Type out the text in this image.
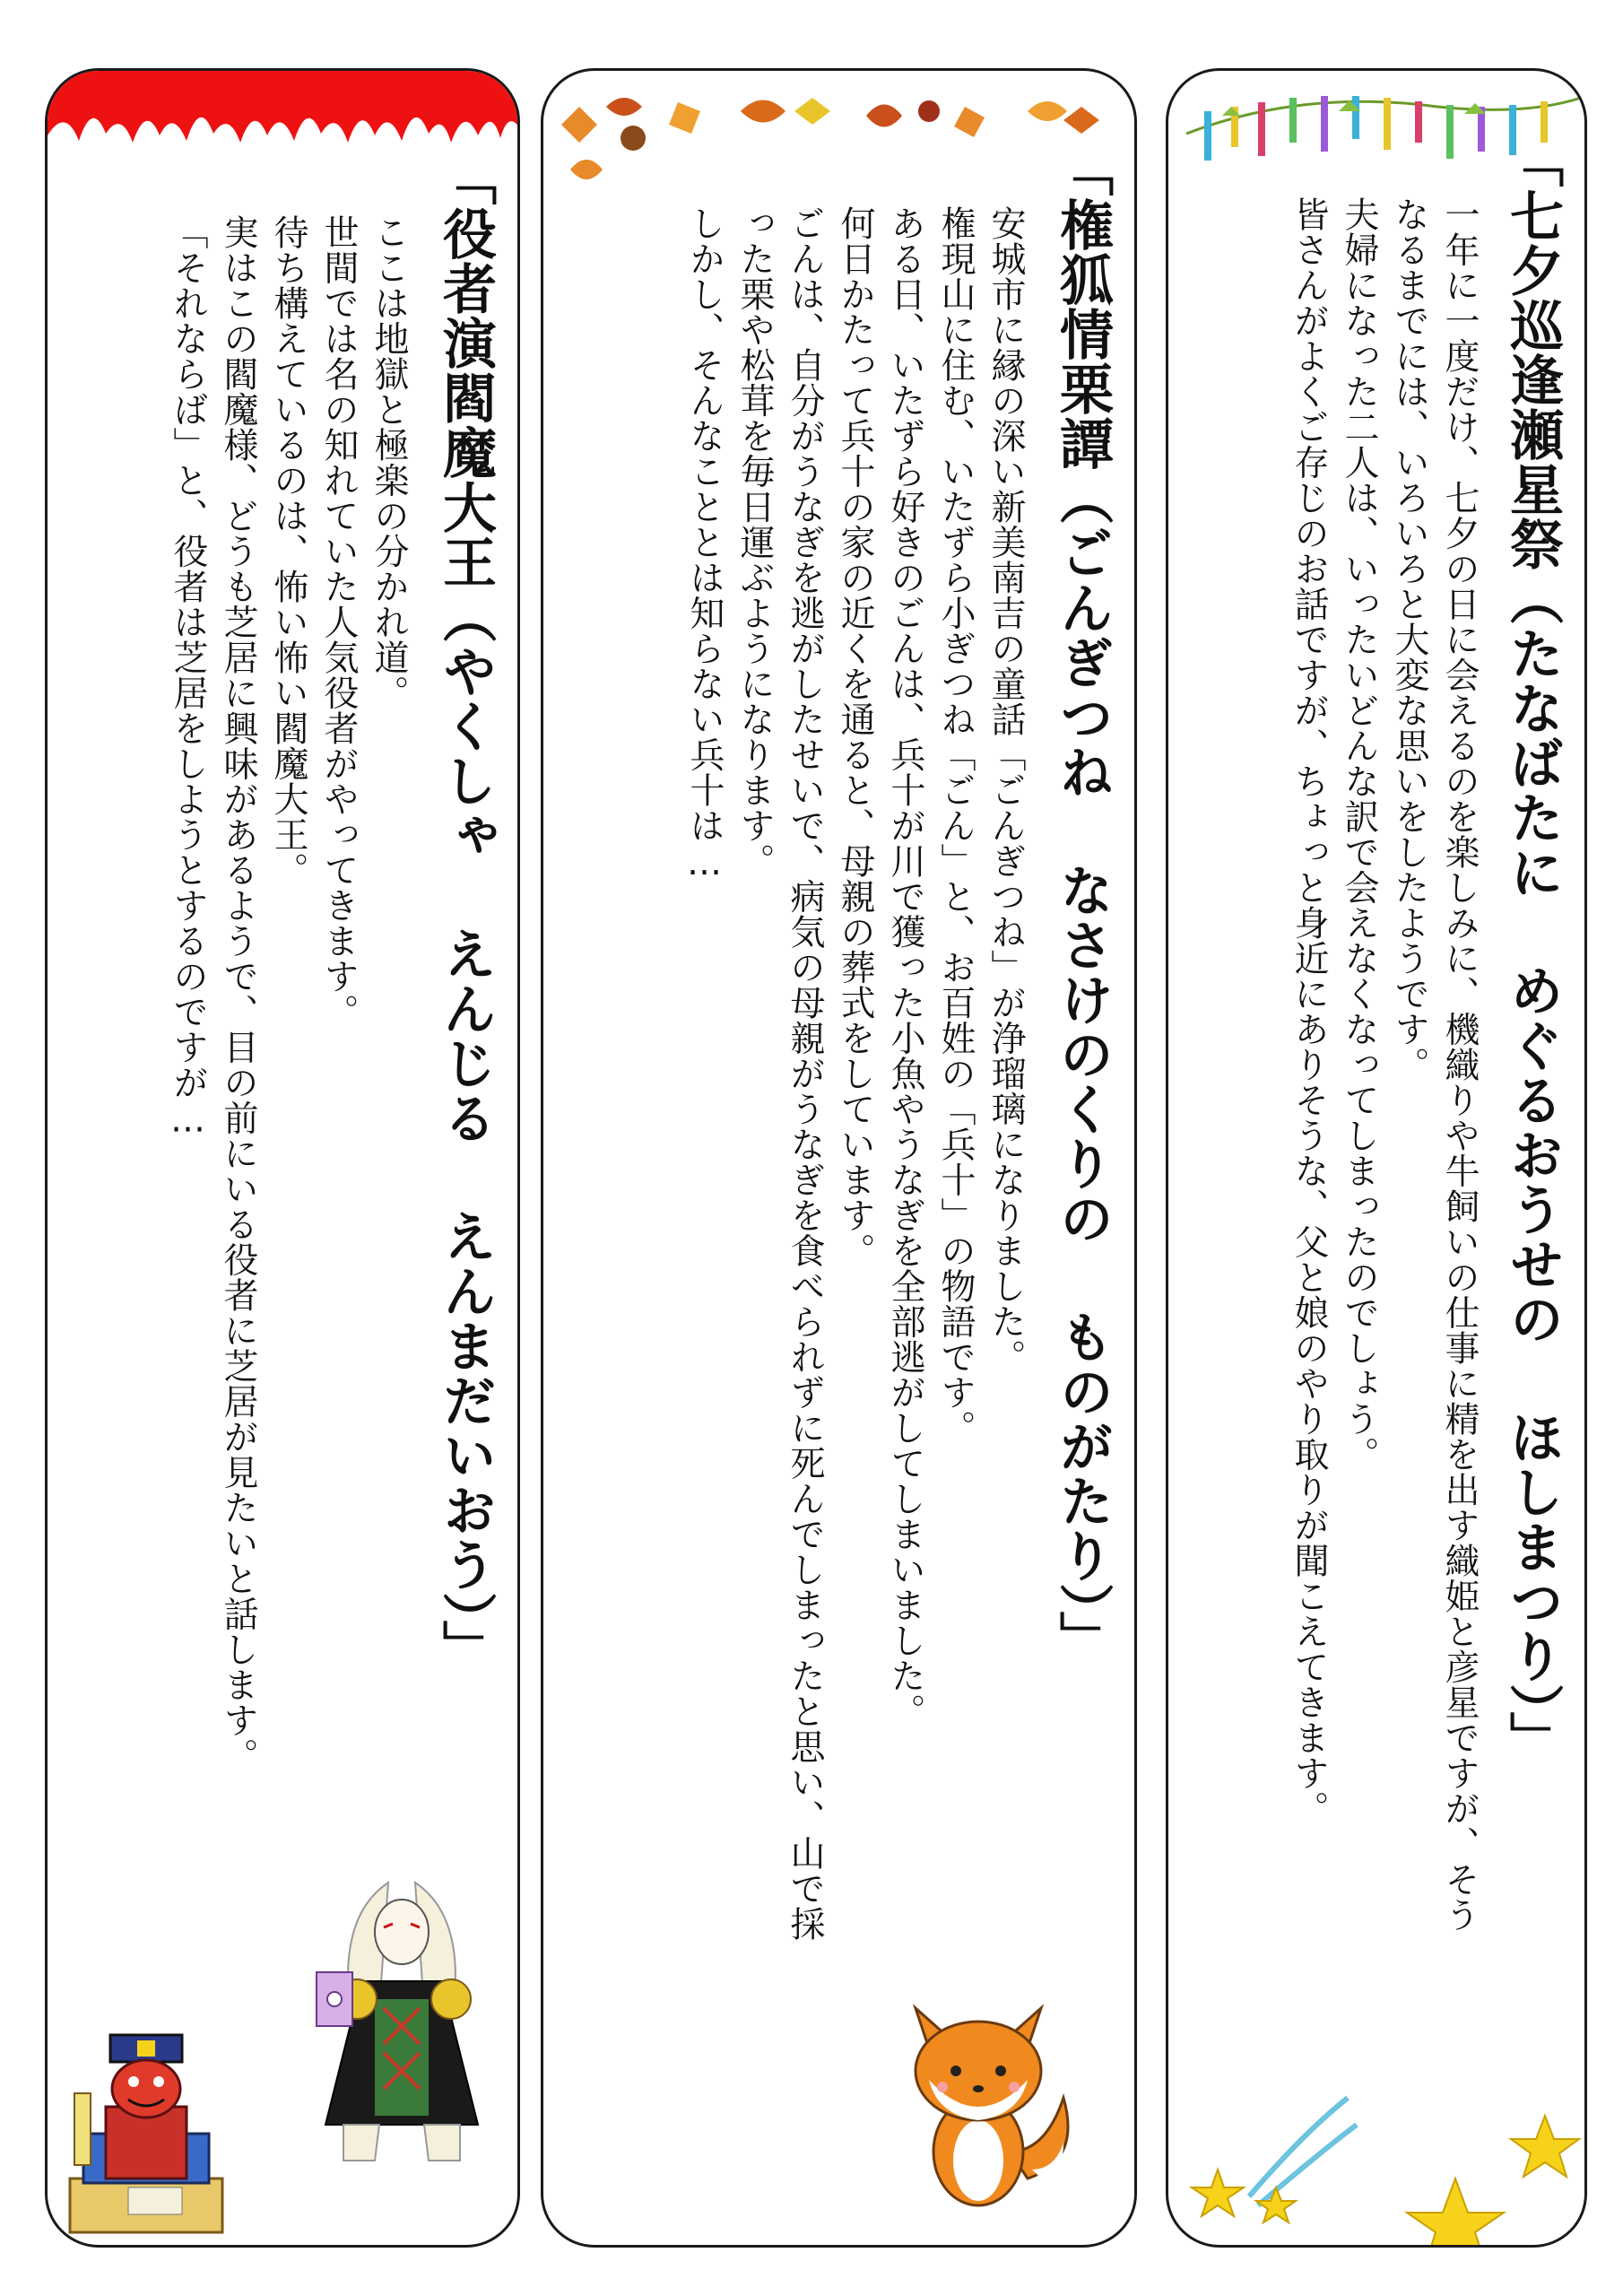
「七夕巡逢瀬星祭（たなばたに めぐるおうせの ほしまつり）」
一年に一度だけ、七夕の日に会えるのを楽しみに、機織りや牛飼いの仕事に精を出す織姫と彦星ですが、そう
なるまでには、いろいろと大変な思いをしたようです。
夫婦になった二人は、いったいどんな訳で会えなくなってしまったのでしょう。
皆さんがよくご存じのお話ですが、ちょっと身近にありそうな、父と娘のやり取りが聞こえてきます。
「権狐情栗譚（ごんぎつね なさけのくりの ものがたり）」
安城市に縁の深い新美南吉の童話「ごんぎつね」が浄瑠璃になりました。
権現山に住む、いたずら小ぎつね「ごん」と、お百姓の「兵十」の物語です。
ある日、いたずら好きのごんは、兵十が川で獲った小魚やうなぎを全部逃がしてしまいました。
何日かたって兵十の家の近くを通ると、母親の葬式をしています。
ごんは、自分がうなぎを逃がしたせいで、病気の母親がうなぎを食べられずに死んでしまったと思い、山で採
った栗や松茸を毎日運ぶようになります。
しかし、そんなこととは知らない兵十は…
「役者演閻魔大王（やくしゃ えんじる えんまだいおう）」
ここは地獄と極楽の分かれ道。
世間では名の知れていた人気役者がやってきます。
待ち構えているのは、怖い怖い閻魔大王。
実はこの閻魔様、どうも芝居に興味があるようで、目の前にいる役者に芝居が見たいと話します。
「それならば」と、役者は芝居をしようとするのですが…
